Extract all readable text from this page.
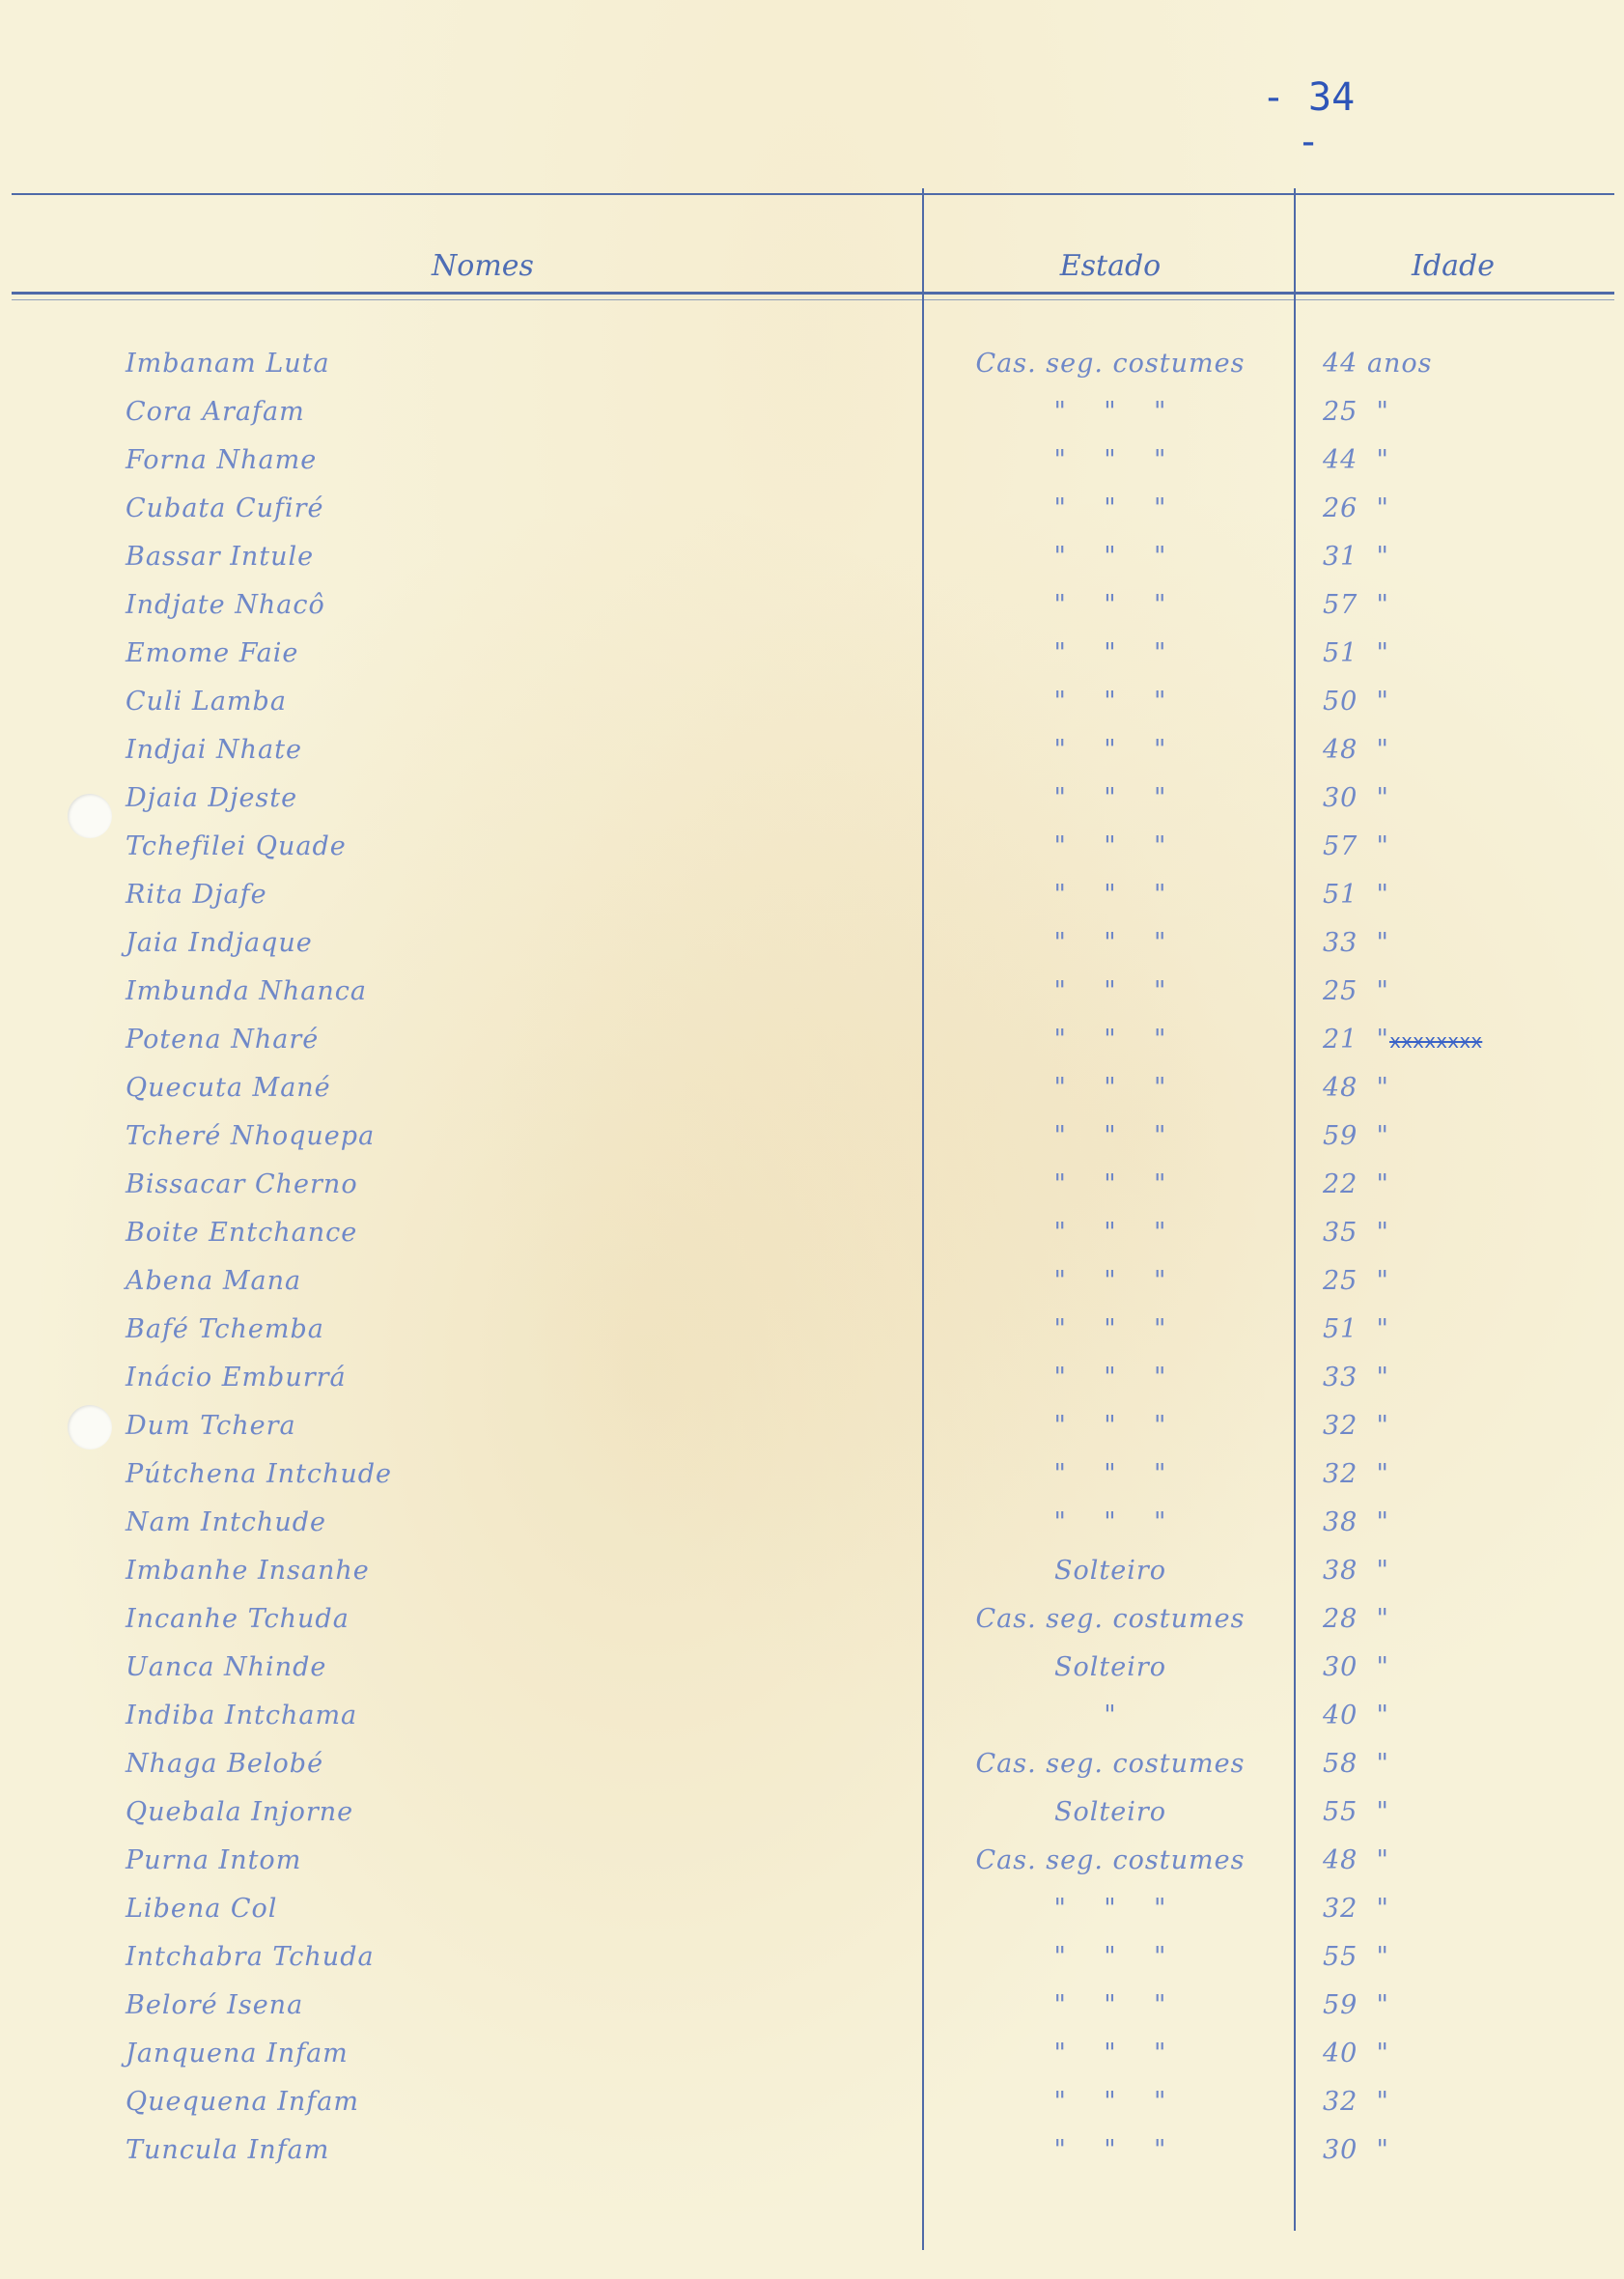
- 34 -
Nomes	Estado	Idade
Imbanam Luta	Cas. seg. costumes	44 anos
Cora Arafam	"    "    "	25  "
Forna Nhame	"    "    "	44  "
Cubata Cufiré	"    "    "	26  "
Bassar Intule	"    "    "	31  "
Indjate Nhacô	"    "    "	57  "
Emome Faie	"    "    "	51  "
Culi Lamba	"    "    "	50  "
Indjai Nhate	"    "    "	48  "
Djaia Djeste	"    "    "	30  "
Tchefilei Quade	"    "    "	57  "
Rita Djafe	"    "    "	51  "
Jaia Indjaque	"    "    "	33  "
Imbunda Nhanca	"    "    "	25  "
Potena Nharé	"    "    "	21  "xxxxxxxx
Quecuta Mané	"    "    "	48  "
Tcheré Nhoquepa	"    "    "	59  "
Bissacar Cherno	"    "    "	22  "
Boite Entchance	"    "    "	35  "
Abena Mana	"    "    "	25  "
Bafé Tchemba	"    "    "	51  "
Inácio Emburrá	"    "    "	33  "
Dum Tchera	"    "    "	32  "
Pútchena Intchude	"    "    "	32  "
Nam Intchude	"    "    "	38  "
Imbanhe Insanhe	Solteiro	38  "
Incanhe Tchuda	Cas. seg. costumes	28  "
Uanca Nhinde	Solteiro	30  "
Indiba Intchama	"	40  "
Nhaga Belobé	Cas. seg. costumes	58  "
Quebala Injorne	Solteiro	55  "
Purna Intom	Cas. seg. costumes	48  "
Libena Col	"    "    "	32  "
Intchabra Tchuda	"    "    "	55  "
Beloré Isena	"    "    "	59  "
Janquena Infam	"    "    "	40  "
Quequena Infam	"    "    "	32  "
Tuncula Infam	"    "    "	30  "
